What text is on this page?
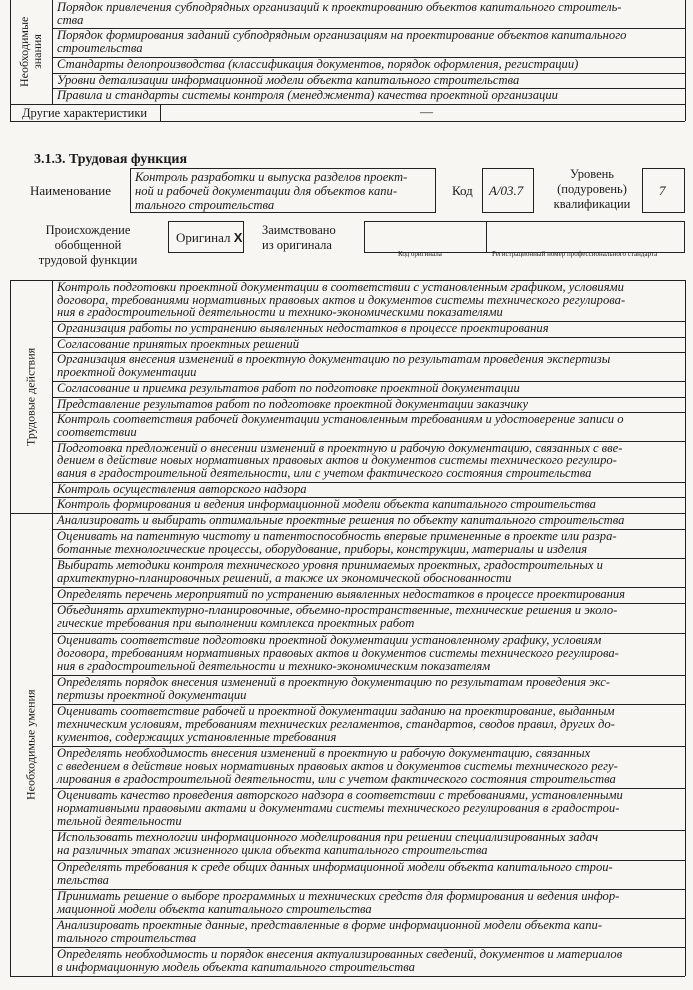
Необходимые знания
Порядок привлечения субподрядных организаций к проектированию объектов капитального строитель-
ства
Порядок формирования заданий субподрядным организациям на проектирование объектов капитального
строительства
Стандарты делопроизводства (классификация документов, порядок оформления, регистрации)
Уровни детализации информационной модели объекта капитального строительства
Правила и стандарты системы контроля (менеджмента) качества проектной организации
Другие характеристики	—
3.1.3. Трудовая функция
Наименование
Контроль разработки и выпуска разделов проект-
ной и рабочей документации для объектов капи-
тального строительства
Код А/03.7
Уровень
(подуровень)
квалификации
7
Происхождение обобщенной
трудовой функции
Оригинал X Заимствовано
из оригинала
Код оригинала	Регистрационный номер профессионального стандарта
Трудовые действия
Необходимые умения
Контроль подготовки проектной документации в соответствии с установленным графиком, условиями
договора, требованиями нормативных правовых актов и документов системы технического регулирова-
ния в градостроительной деятельности и технико-экономическими показателями
Организация работы по устранению выявленных недостатков в процессе проектирования
Согласование принятых проектных решений
Организация внесения изменений в проектную документацию по результатам проведения экспертизы
проектной документации
Согласование и приемка результатов работ по подготовке проектной документации
Представление результатов работ по подготовке проектной документации заказчику
Контроль соответствия рабочей документации установленным требованиям и удостоверение записи о
соответствии
Подготовка предложений о внесении изменений в проектную и рабочую документацию, связанных с вве-
дением в действие новых нормативных правовых актов и документов системы технического регулиро-
вания в градостроительной деятельности, или с учетом фактического состояния строительства
Контроль осуществления авторского надзора
Контроль формирования и ведения информационной модели объекта капитального строительства
Анализировать и выбирать оптимальные проектные решения по объекту капитального строительства
Оценивать на патентную чистоту и патентоспособность впервые примененные в проекте или разра-
ботанные технологические процессы, оборудование, приборы, конструкции, материалы и изделия
Выбирать методики контроля технического уровня принимаемых проектных, градостроительных и
архитектурно-планировочных решений, а также их экономической обоснованности
Определять перечень мероприятий по устранению выявленных недостатков в процессе проектирования
Объединять архитектурно-планировочные, объемно-пространственные, технические решения и эколо-
гические требования при выполнении комплекса проектных работ
Оценивать соответствие подготовки проектной документации установленному графику, условиям
договора, требованиям нормативных правовых актов и документов системы технического регулирова-
ния в градостроительной деятельности и технико-экономическим показателям
Определять порядок внесения изменений в проектную документацию по результатам проведения экс-
пертизы проектной документации
Оценивать соответствие рабочей и проектной документации заданию на проектирование, выданным
техническим условиям, требованиям технических регламентов, стандартов, сводов правил, других до-
кументов, содержащих установленные требования
Определять необходимость внесения изменений в проектную и рабочую документацию, связанных
с введением в действие новых нормативных правовых актов и документов системы технического регу-
лирования в градостроительной деятельности, или с учетом фактического состояния строительства
Оценивать качество проведения авторского надзора в соответствии с требованиями, установленными
нормативными правовыми актами и документами системы технического регулирования в градострои-
тельной деятельности
Использовать технологии информационного моделирования при решении специализированных задач
на различных этапах жизненного цикла объекта капитального строительства
Определять требования к среде общих данных информационной модели объекта капитального строи-
тельства
Принимать решение о выборе программных и технических средств для формирования и ведения инфор-
мационной модели объекта капитального строительства
Анализировать проектные данные, представленные в форме информационной модели объекта капи-
тального строительства
Определять необходимость и порядок внесения актуализированных сведений, документов и материалов
в информационную модель объекта капитального строительства
